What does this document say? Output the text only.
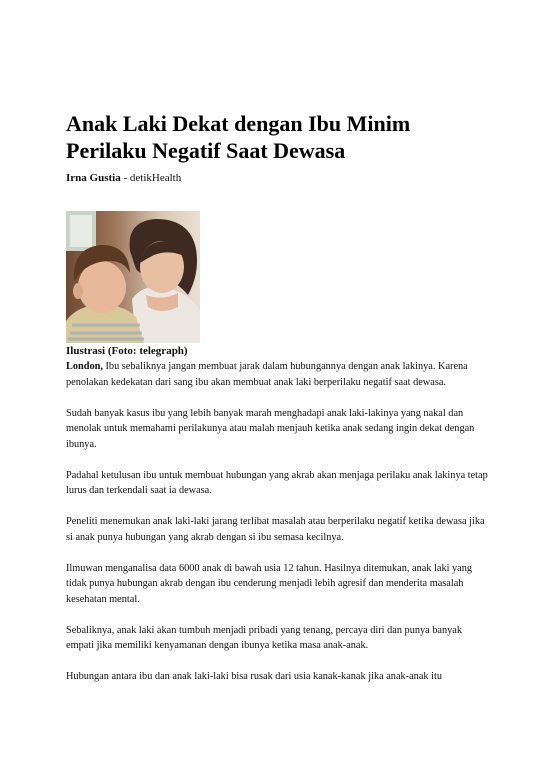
Anak Laki Dekat dengan Ibu Minim
Perilaku Negatif Saat Dewasa
Irna Gustia - detikHealth
Ilustrasi (Foto: telegraph)

London, Ibu sebaliknya jangan membuat jarak dalam hubungannya dengan anak lakinya. Karena penolakan kedekatan dari sang ibu akan membuat anak laki berperilaku negatif saat dewasa.

Sudah banyak kasus ibu yang lebih banyak marah menghadapi anak laki-lakinya yang nakal dan menolak untuk memahami perilakunya atau malah menjauh ketika anak sedang ingin dekat dengan ibunya.

Padahal ketulusan ibu untuk membuat hubungan yang akrab akan menjaga perilaku anak lakinya tetap lurus dan terkendali saat ia dewasa.

Peneliti menemukan anak laki-laki jarang terlibat masalah atau berperilaku negatif ketika dewasa jika si anak punya hubungan yang akrab dengan si ibu semasa kecilnya.

Ilmuwan menganalisa data 6000 anak di bawah usia 12 tahun. Hasilnya ditemukan, anak laki yang tidak punya hubungan akrab dengan ibu cenderung menjadi lebih agresif dan menderita masalah kesehatan mental.

Sebaliknya, anak laki akan tumbuh menjadi pribadi yang tenang, percaya diri dan punya banyak empati jika memiliki kenyamanan dengan ibunya ketika masa anak-anak.

Hubungan antara ibu dan anak laki-laki bisa rusak dari usia kanak-kanak jika anak-anak itu
